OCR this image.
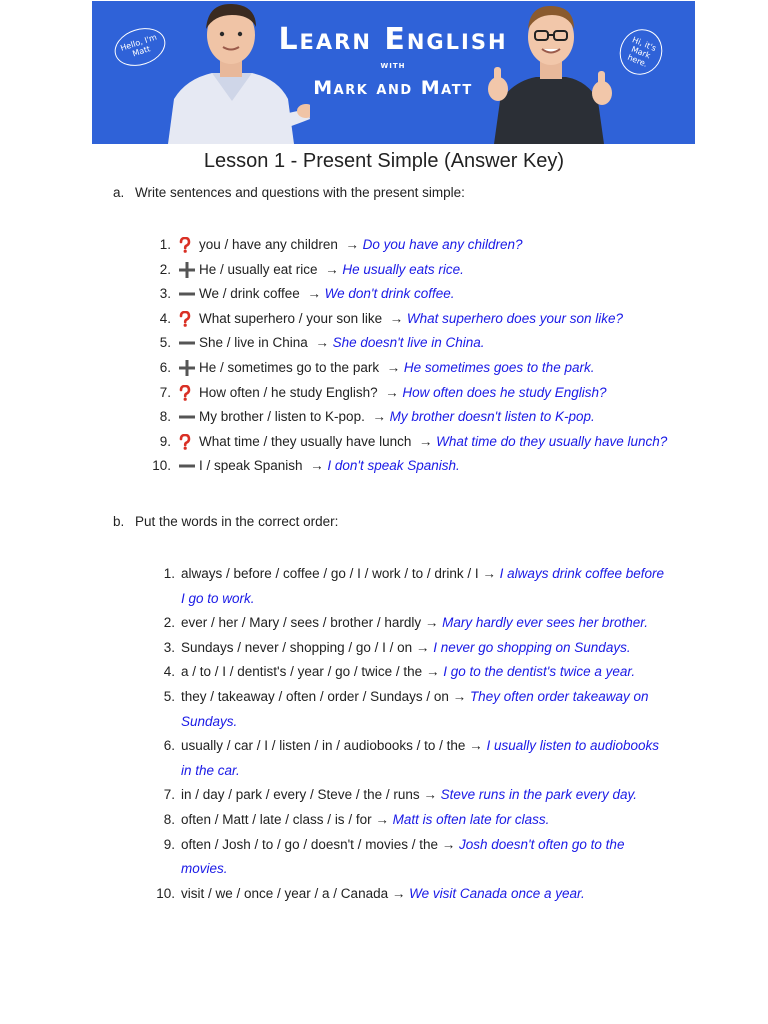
Hello, I'm Matt	Learn English
WITH
Mark and Matt
Hi, it's Mark here.
Lesson 1 - Present Simple (Answer Key)
a. Write sentences and questions with the present simple:
1. you / have any children → Do you have any children?
2. He / usually eat rice → He usually eats rice.
3. We / drink coffee → We don't drink coffee.
4. What superhero / your son like → What superhero does your son like?
5. She / live in China → She doesn't live in China.
6. He / sometimes go to the park → He sometimes goes to the park.
7. How often / he study English? → How often does he study English?
8. My brother / listen to K-pop. → My brother doesn't listen to K-pop.
9. What time / they usually have lunch → What time do they usually have lunch?
10. I / speak Spanish → I don't speak Spanish.
b. Put the words in the correct order:
1. always / before / coffee / go / I / work / to / drink / I → I always drink coffee before
I go to work.
2. ever / her / Mary / sees / brother / hardly → Mary hardly ever sees her brother.
3. Sundays / never / shopping / go / I / on → I never go shopping on Sundays.
4. a / to / I / dentist's / year / go / twice / the → I go to the dentist's twice a year.
5. they / takeaway / often / order / Sundays / on → They often order takeaway on
Sundays.
6. usually / car / I / listen / in / audiobooks / to / the → I usually listen to audiobooks
in the car.
7. in / day / park / every / Steve / the / runs → Steve runs in the park every day.
8. often / Matt / late / class / is / for → Matt is often late for class.
9. often / Josh / to / go / doesn't / movies / the → Josh doesn't often go to the
movies.
10. visit / we / once / year / a / Canada → We visit Canada once a year.
